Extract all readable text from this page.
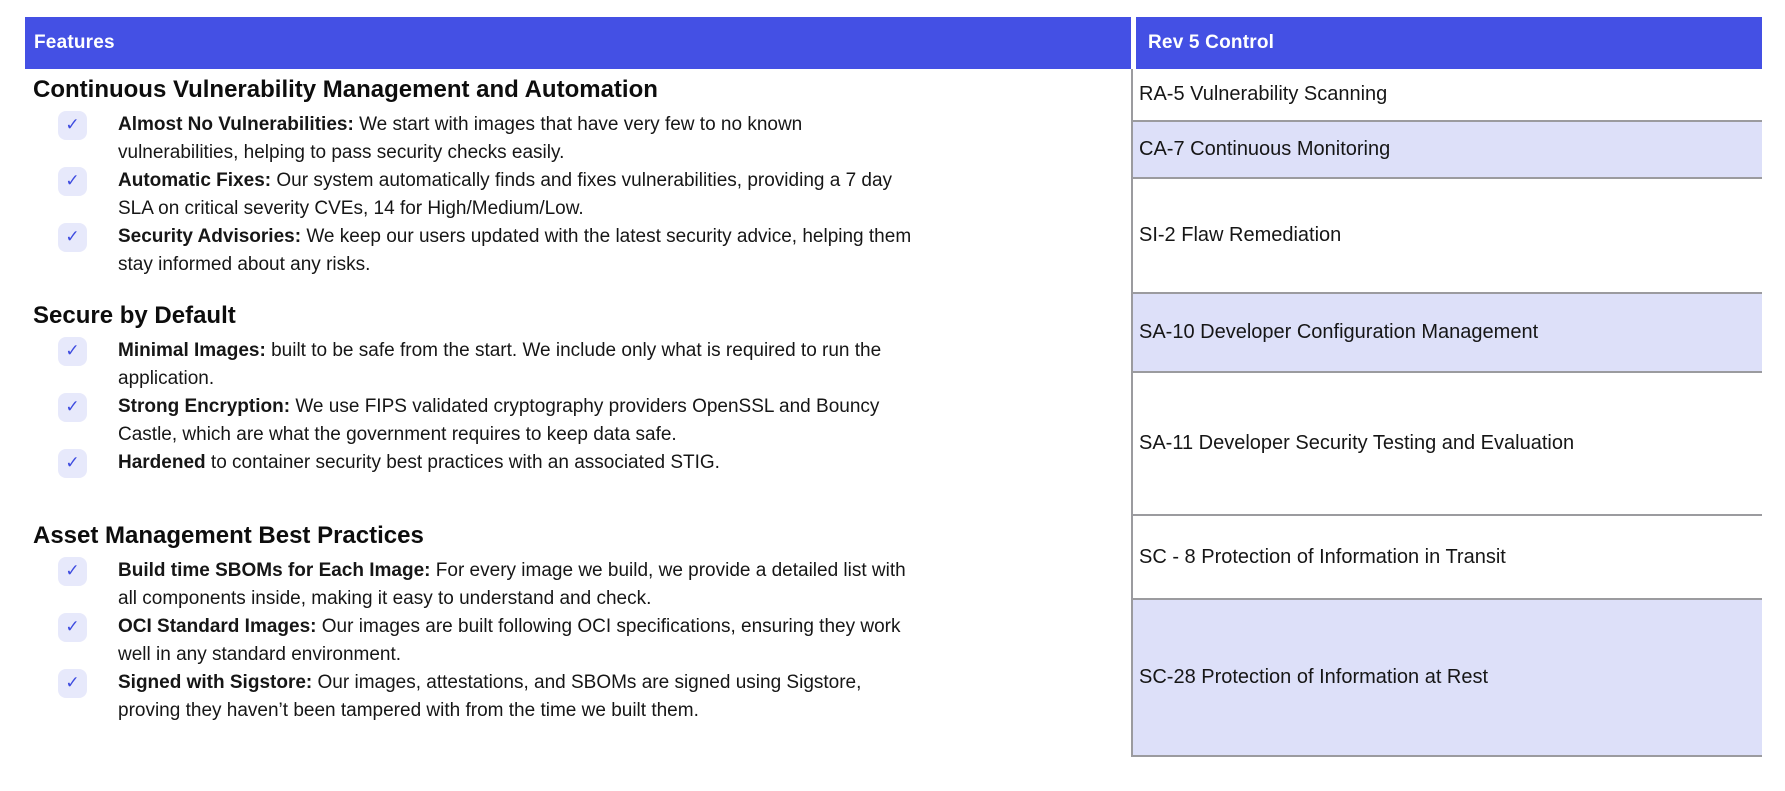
Features	Rev 5 Control
Continuous Vulnerability Management and Automation
✓ Almost No Vulnerabilities: We start with images that have very few to no known
vulnerabilities, helping to pass security checks easily.
✓ Automatic Fixes: Our system automatically finds and fixes vulnerabilities, providing a 7 day
SLA on critical severity CVEs, 14 for High/Medium/Low.
✓ Security Advisories: We keep our users updated with the latest security advice, helping them
stay informed about any risks.
Secure by Default
✓ Minimal Images: built to be safe from the start. We include only what is required to run the
application.
✓ Strong Encryption: We use FIPS validated cryptography providers OpenSSL and Bouncy
Castle, which are what the government requires to keep data safe.
✓ Hardened to container security best practices with an associated STIG.
Asset Management Best Practices
✓ Build time SBOMs for Each Image: For every image we build, we provide a detailed list with
all components inside, making it easy to understand and check.
✓ OCI Standard Images: Our images are built following OCI specifications, ensuring they work
well in any standard environment.
✓ Signed with Sigstore: Our images, attestations, and SBOMs are signed using Sigstore,
proving they haven’t been tampered with from the time we built them.
RA-5 Vulnerability Scanning
CA-7 Continuous Monitoring
SI-2 Flaw Remediation
SA-10 Developer Configuration Management
SA-11 Developer Security Testing and Evaluation
SC - 8 Protection of Information in Transit
SC-28 Protection of Information at Rest
